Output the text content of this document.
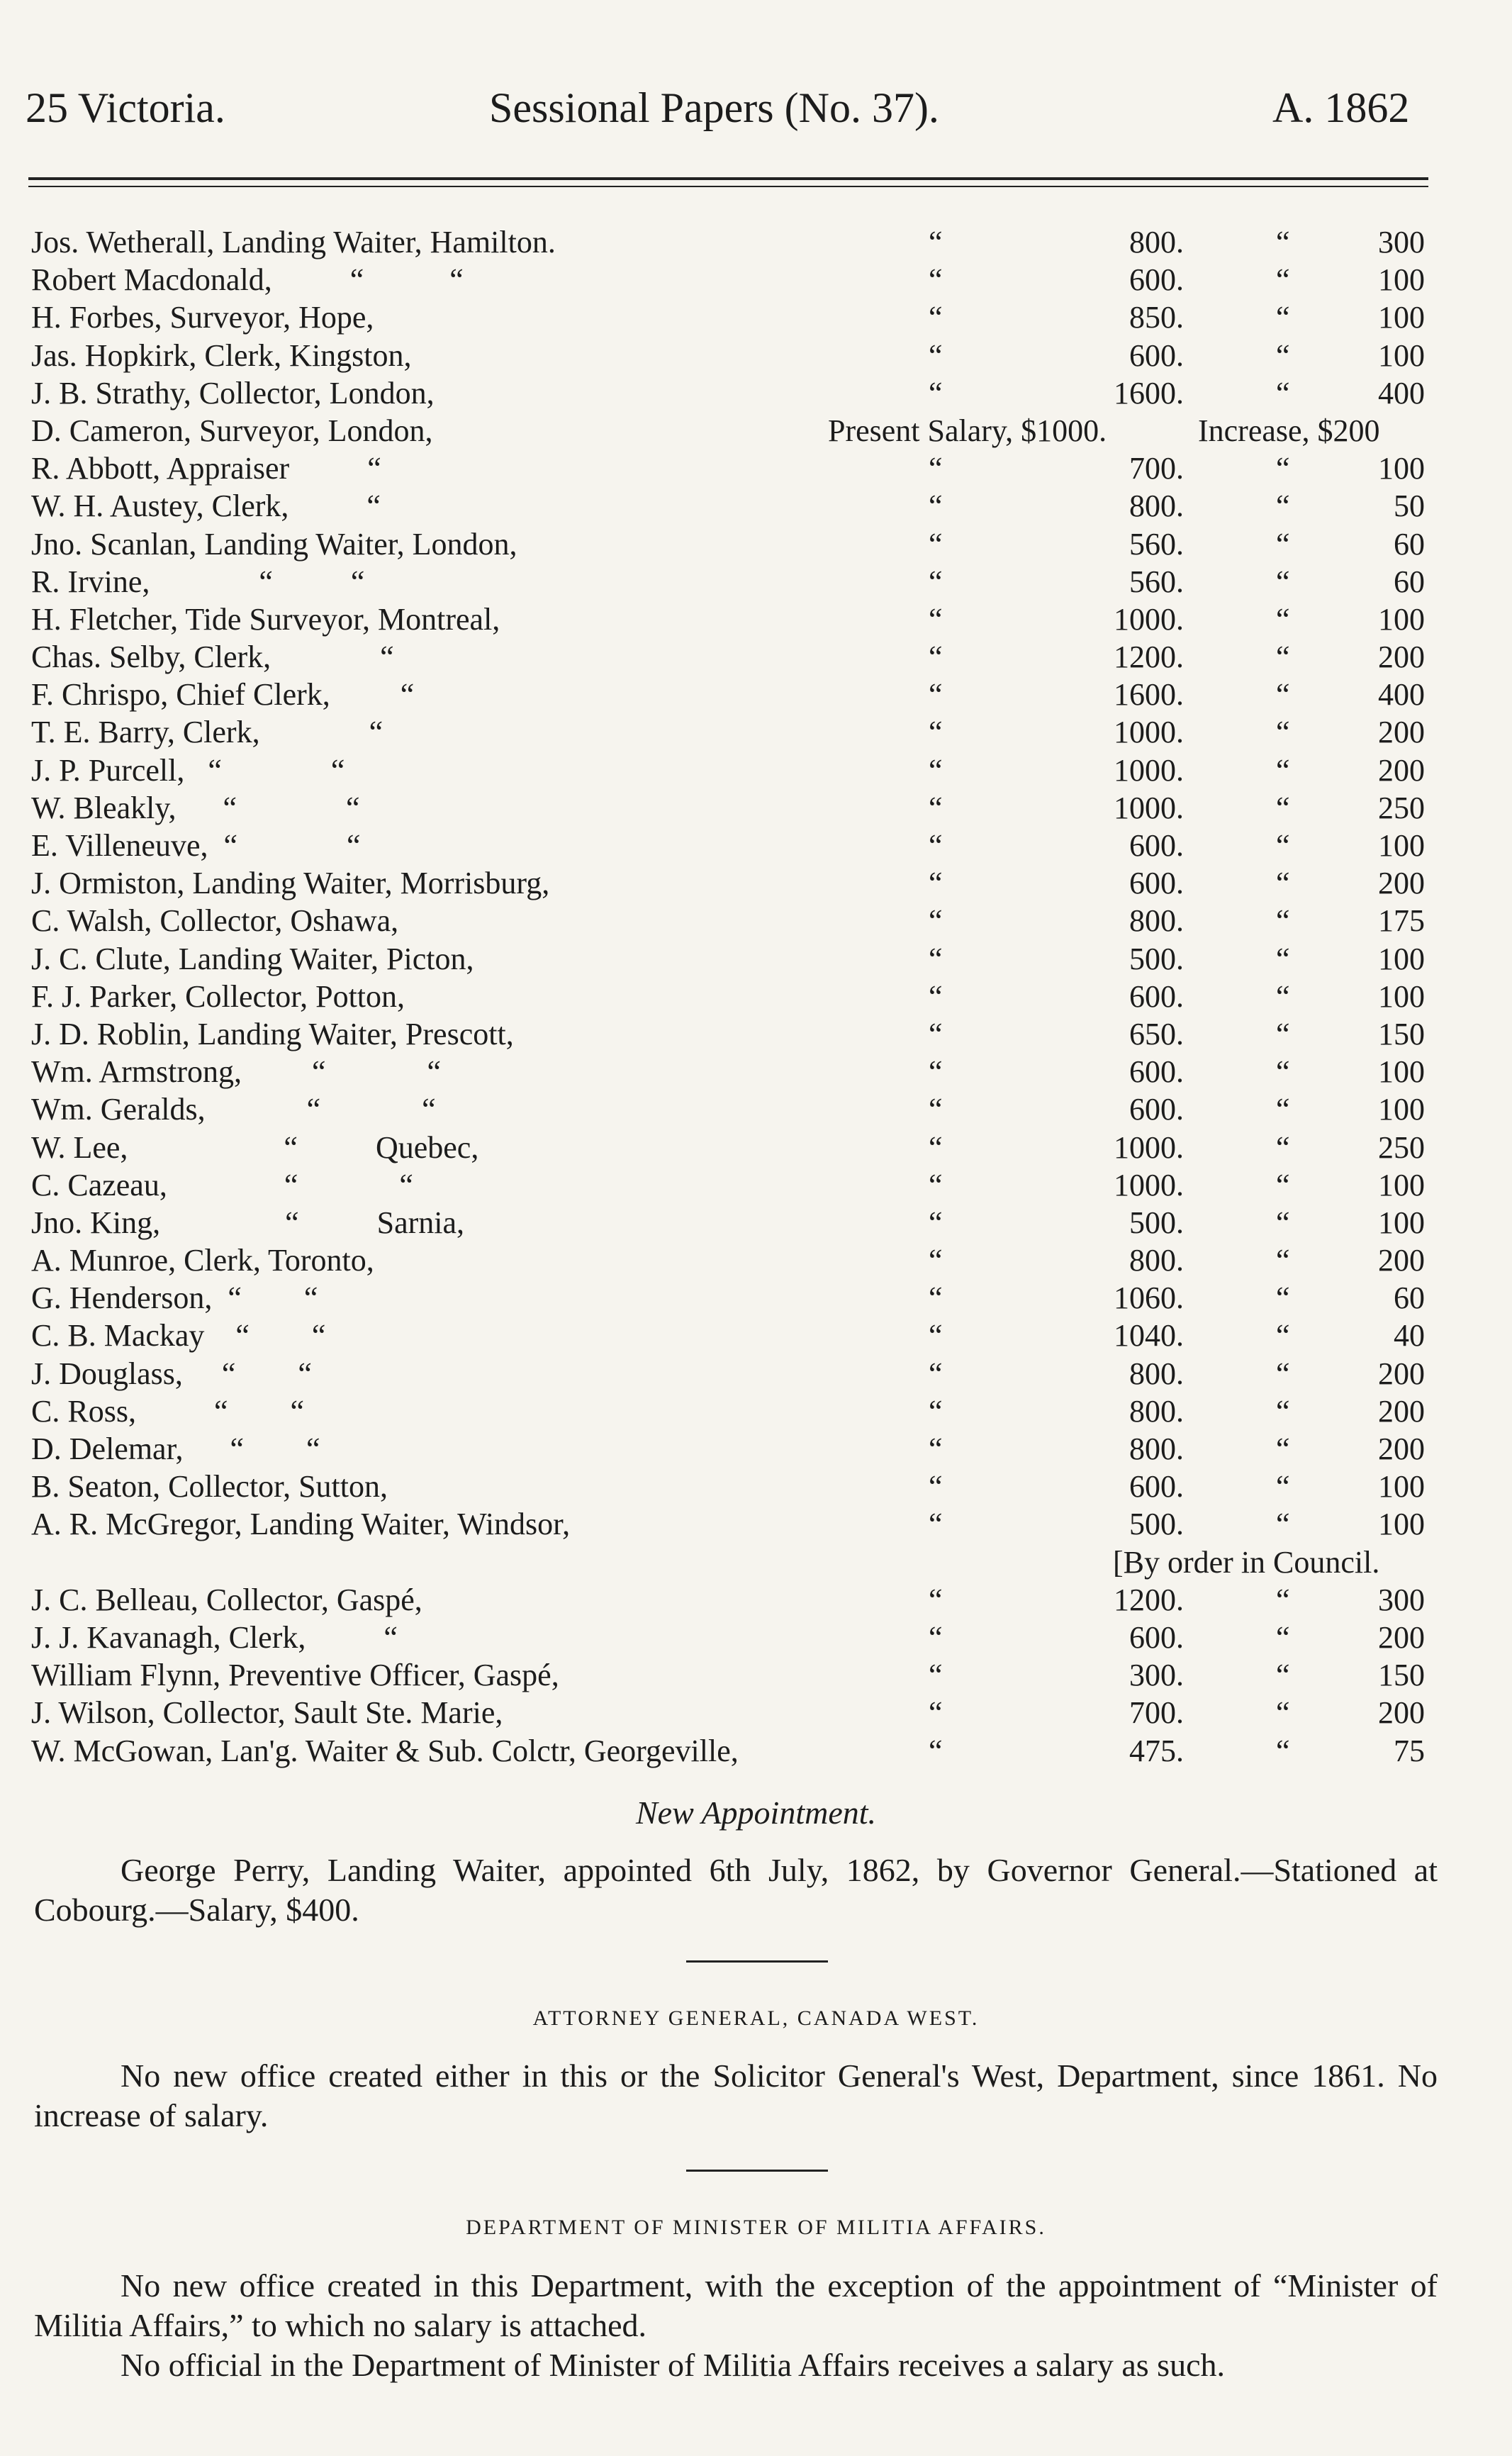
25 Victoria.	Sessional Papers (No. 37).	A. 1862
Jos. Wetherall, Landing Waiter, Hamilton.	“	800.	“	300
Robert Macdonald,          “           “	“	600.	“	100
H. Forbes, Surveyor, Hope,	“	850.	“	100
Jas. Hopkirk, Clerk, Kingston,	“	600.	“	100
J. B. Strathy, Collector, London,	“	1600.	“	400
D. Cameron, Surveyor, London,	Present Salary, $1000.	Increase, $200
R. Abbott, Appraiser          “	“	700.	“	100
W. H. Austey, Clerk,          “	“	800.	“	50
Jno. Scanlan, Landing Waiter, London,	“	560.	“	60
R. Irvine,              “          “	“	560.	“	60
H. Fletcher, Tide Surveyor, Montreal,	“	1000.	“	100
Chas. Selby, Clerk,              “	“	1200.	“	200
F. Chrispo, Chief Clerk,         “	“	1600.	“	400
T. E. Barry, Clerk,              “	“	1000.	“	200
J. P. Purcell,   “              “	“	1000.	“	200
W. Bleakly,      “              “	“	1000.	“	250
E. Villeneuve,  “              “	“	600.	“	100
J. Ormiston, Landing Waiter, Morrisburg,	“	600.	“	200
C. Walsh, Collector, Oshawa,	“	800.	“	175
J. C. Clute, Landing Waiter, Picton,	“	500.	“	100
F. J. Parker, Collector, Potton,	“	600.	“	100
J. D. Roblin, Landing Waiter, Prescott,	“	650.	“	150
Wm. Armstrong,         “             “	“	600.	“	100
Wm. Geralds,             “             “	“	600.	“	100
W. Lee,                    “          Quebec,	“	1000.	“	250
C. Cazeau,               “             “	“	1000.	“	100
Jno. King,                “          Sarnia,	“	500.	“	100
A. Munroe, Clerk, Toronto,	“	800.	“	200
G. Henderson,  “        “	“	1060.	“	60
C. B. Mackay    “        “	“	1040.	“	40
J. Douglass,     “        “	“	800.	“	200
C. Ross,          “        “	“	800.	“	200
D. Delemar,      “        “	“	800.	“	200
B. Seaton, Collector, Sutton,	“	600.	“	100
A. R. McGregor, Landing Waiter, Windsor,	“	500.	“	100
[By order in Council.
J. C. Belleau, Collector, Gaspé,	“	1200.	“	300
J. J. Kavanagh, Clerk,          “	“	600.	“	200
William Flynn, Preventive Officer, Gaspé,	“	300.	“	150
J. Wilson, Collector, Sault Ste. Marie,	“	700.	“	200
W. McGowan, Lan'g. Waiter & Sub. Colctr, Georgeville,	“	475.	“	75
New Appointment.
George Perry, Landing Waiter, appointed 6th July, 1862, by Governor General.—Stationed at Cobourg.—Salary, $400.
ATTORNEY GENERAL, CANADA WEST.
No new office created either in this or the Solicitor General's West, Department, since 1861. No increase of salary.
DEPARTMENT OF MINISTER OF MILITIA AFFAIRS.
No new office created in this Department, with the exception of the appointment of “Minister of Militia Affairs,” to which no salary is attached.
No official in the Department of Minister of Militia Affairs receives a salary as such.
